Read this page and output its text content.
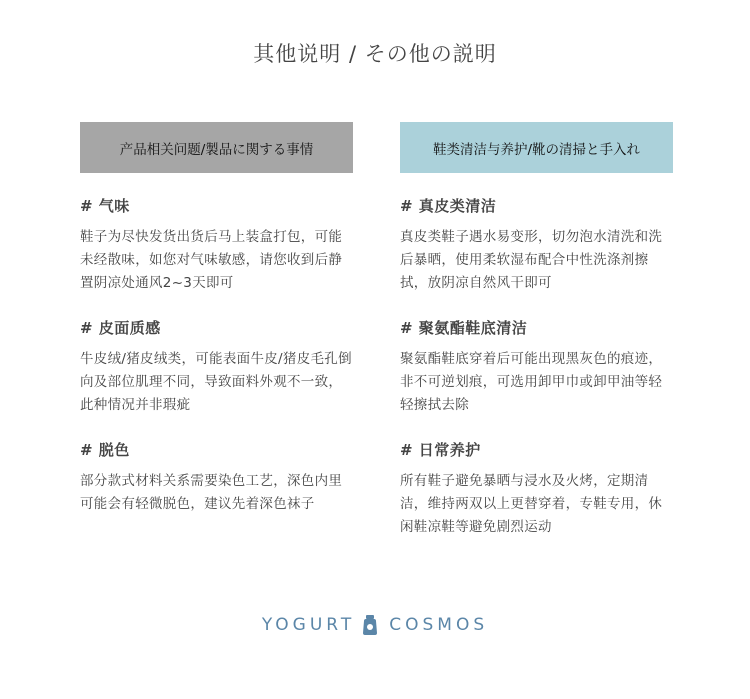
其他说明 / その他の説明
产品相关问题/製品に関する事情
# 气味
鞋子为尽快发货出货后马上装盒打包，可能未经散味，如您对气味敏感，请您收到后静置阴凉处通风2~3天即可
# 皮面质感
牛皮绒/猪皮绒类，可能表面牛皮/猪皮毛孔倒向及部位肌理不同，导致面料外观不一致，此种情况并非瑕疵
# 脱色
部分款式材料关系需要染色工艺，深色内里可能会有轻微脱色，建议先着深色袜子
鞋类清洁与养护/靴の清掃と手入れ
# 真皮类清洁
真皮类鞋子遇水易变形，切勿泡水清洗和洗后暴晒，使用柔软湿布配合中性洗涤剂擦拭，放阴凉自然风干即可
# 聚氨酯鞋底清洁
聚氨酯鞋底穿着后可能出现黑灰色的痕迹，非不可逆划痕，可选用卸甲巾或卸甲油等轻轻擦拭去除
# 日常养护
所有鞋子避免暴晒与浸水及火烤，定期清洁，维持两双以上更替穿着，专鞋专用，休闲鞋凉鞋等避免剧烈运动
YOGURT COSMOS
